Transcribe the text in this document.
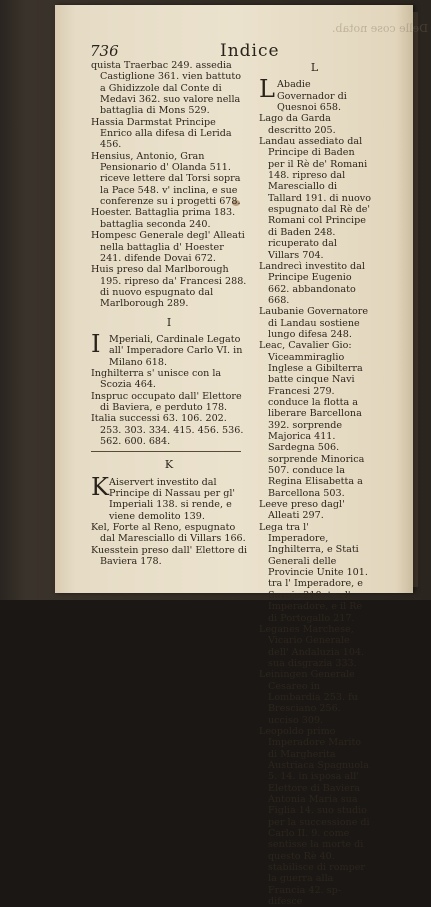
Delle cose notab.
736	Indice

quista Traerbac 249. assedia Castiglione 361. vien battuto a Ghidizzole dal Conte di Medavi 362. suo valore nella battaglia di Mons 529.

Hassia Darmstat Principe Enrico alla difesa di Lerida 456.

Hensius, Antonio, Gran Pensionario d' Olanda 511. riceve lettere dal Torsi sopra la Pace 548. v' inclina, e sue conferenze su i progetti 678.

Hoester. Battaglia prima 183. battaglia seconda 240.

Hompesc Generale degl' Alleati nella battaglia d' Hoester 241. difende Dovai 672.

Huis preso dal Marlborough 195. ripreso da' Francesi 288. di nuovo espugnato dal Marlborough 289.

I

I Mperiali, Cardinale Legato all' Imperadore Carlo VI. in Milano 618.

Inghilterra s' unisce con la Scozia 464.

Inspruc occupato dall' Elettore di Baviera, e perduto 178.

Italia successi 63. 106. 202. 253. 303. 334. 415. 456. 536. 562. 600. 684.

K

K Aiservert investito dal Principe di Nassau per gl' Imperiali 138. si rende, e viene demolito 139.

Kel, Forte al Reno, espugnato dal Maresciallo di Villars 166.

Kuesstein preso dall' Elettore di Baviera 178.

L

L Abadie Governador di Quesnoi 658.

Lago da Garda descritto 205.

Landau assediato dal Principe di Baden per il Rè de' Romani 148. ripreso dal Maresciallo di Tallard 191. di nuovo espugnato dal Rè de' Romani col Principe di Baden 248. ricuperato dal Villars 704.

Landrecì investito dal Principe Eugenio 662. abbandonato 668.

Laubanie Governatore di Landau sostiene lungo difesa 248.

Leac, Cavalier Gio: Viceammiraglio Inglese a Gibilterra batte cinque Navi Francesi 279. conduce la flotta a liberare Barcellona 392. sorprende Majorica 411. Sardegna 506. sorprende Minorica 507. conduce la Regina Elisabetta a Barcellona 503.

Leeve preso dagl' Alleati 297.

Lega tra l' Imperadore, Inghilterra, e Stati Generali delle Provincie Unite 101. tra l' Imperadore, e Savoja 210. tra l' Imperadore, e il Rè di Portogallo 217.

Leganes Marchese, Vicario Generale dell' Andaluzia 104. sua disgrazia 333.

Leiningen Generale Cesareo in Lombardia 253. fu Bresciano 256. ucciso 309.

Leopoldo primo Imperadore Marito di Margherita Austriaca Spagnuola 5. 14. in isposa all' Elettore di Baviera Antonia Maria sua Figlia 14. suo studio per la successione di Carlo II. 9. come sentisse la morte di questo Rè 40. stabilisce di romper la guerra alla Francia 42. sp- difesce
